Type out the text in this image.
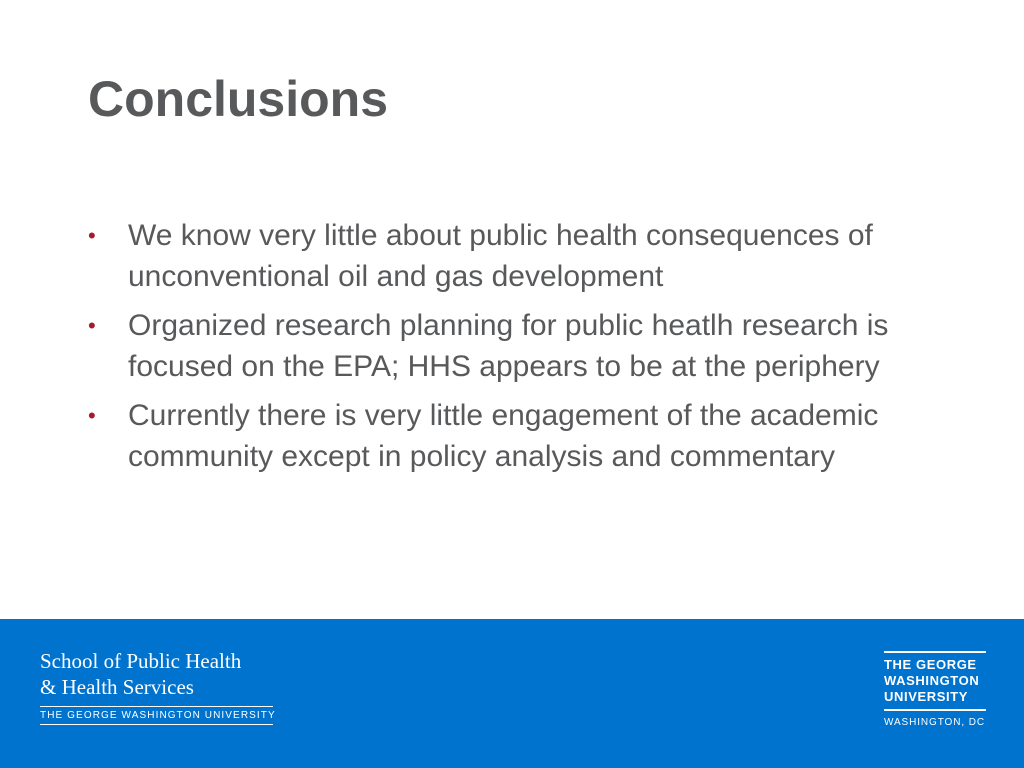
Conclusions
• We know very little about public health consequences of unconventional oil and gas development
• Organized research planning for public heatlh research is focused on the EPA; HHS appears to be at the periphery
• Currently there is very little engagement of the academic community except in policy analysis and commentary
School of Public Health
& Health Services
THE GEORGE WASHINGTON UNIVERSITY
THE GEORGE
WASHINGTON
UNIVERSITY
WASHINGTON, DC
